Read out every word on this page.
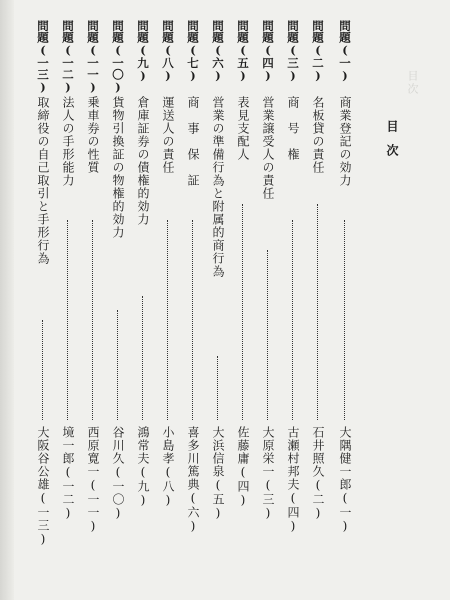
目次
目次
問題(一)
商業登記の効力
大隅健一郎(一)
問題(二)
名板貸の責任
石井照久(二)
問題(三)
商　号　権
古瀬村邦夫(四)
問題(四)
営業譲受人の責任
大原栄一(三)
問題(五)
表見支配人
佐藤庸(四)
問題(六)
営業の準備行為と附属的商行為
大浜信泉(五)
問題(七)
商　事　保　証
喜多川篤典(六)
問題(八)
運送人の責任
小島孝(八)
問題(九)
倉庫証券の債権的効力
鴻常夫(九)
問題(一〇)
貨物引換証の物権的効力
谷川久(一〇)
問題(一一)
乗車券の性質
西原寛一(一一)
問題(一二)
法人の手形能力
境一郎(一二)
問題(一三)
取締役の自己取引と手形行為
大阪谷公雄(一三)
